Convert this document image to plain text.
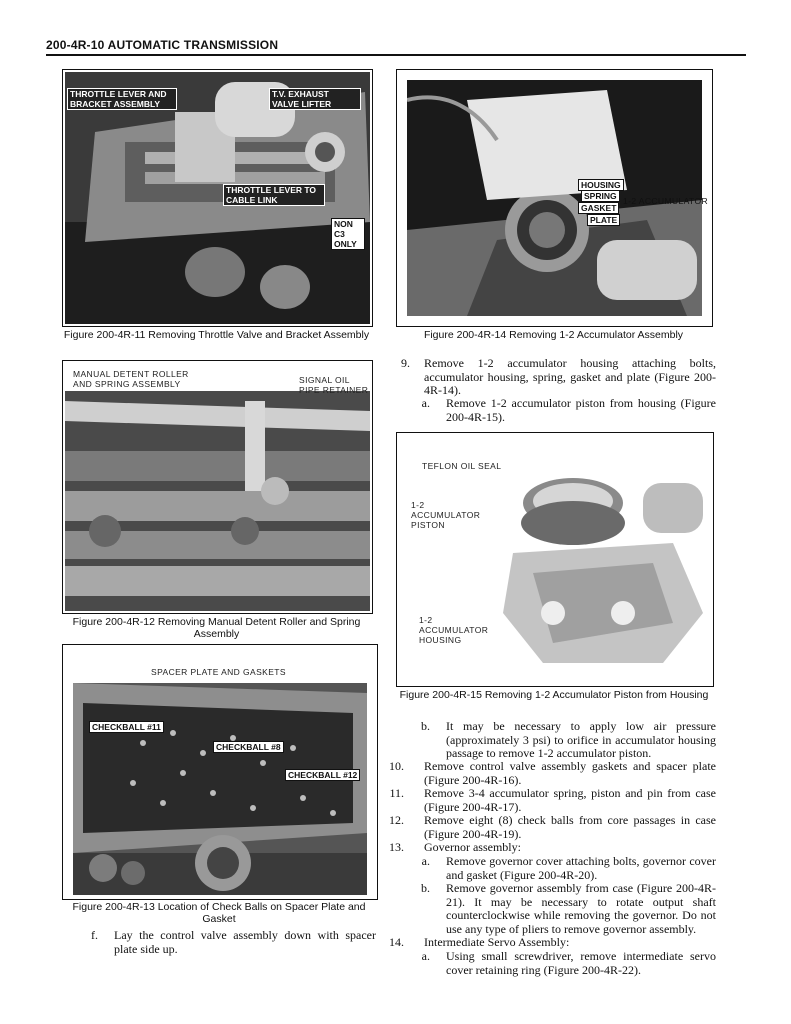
200-4R-10 AUTOMATIC TRANSMISSION
THROTTLE LEVER AND BRACKET ASSEMBLY
T.V. EXHAUST VALVE LIFTER
THROTTLE LEVER TO CABLE LINK
NON C3 ONLY
Figure 200-4R-11 Removing Throttle Valve and Bracket Assembly
HOUSING
SPRING
GASKET
PLATE
1-2 ACCUMULATOR
Figure 200-4R-14 Removing 1-2 Accumulator Assembly
MANUAL DETENT ROLLER AND SPRING ASSEMBLY	SIGNAL OIL PIPE RETAINER
Figure 200-4R-12 Removing Manual Detent Roller and Spring Assembly
TEFLON OIL SEAL
1-2 ACCUMULATOR PISTON
1-2 ACCUMULATOR HOUSING
Figure 200-4R-15 Removing 1-2 Accumulator Piston from Housing
SPACER PLATE AND GASKETS
CHECKBALL #11
CHECKBALL #8
CHECKBALL #12
Figure 200-4R-13 Location of Check Balls on Spacer Plate and Gasket
f. Lay the control valve assembly down with spacer plate side up.
9. Remove 1-2 accumulator housing attaching bolts, accumulator housing, spring, gasket and plate (Figure 200-4R-14).
a. Remove 1-2 accumulator piston from housing (Figure 200-4R-15).
b. It may be necessary to apply low air pressure (approximately 3 psi) to orifice in accumulator housing passage to remove 1-2 accumulator piston.
10. Remove control valve assembly gaskets and spacer plate (Figure 200-4R-16).
11. Remove 3-4 accumulator spring, piston and pin from case (Figure 200-4R-17).
12. Remove eight (8) check balls from core passages in case (Figure 200-4R-19).
13. Governor assembly:
a. Remove governor cover attaching bolts, governor cover and gasket (Figure 200-4R-20).
b. Remove governor assembly from case (Figure 200-4R-21). It may be necessary to rotate output shaft counterclockwise while removing the governor. Do not use any type of pliers to remove governor assembly.
14. Intermediate Servo Assembly:
a. Using small screwdriver, remove intermediate servo cover retaining ring (Figure 200-4R-22).
